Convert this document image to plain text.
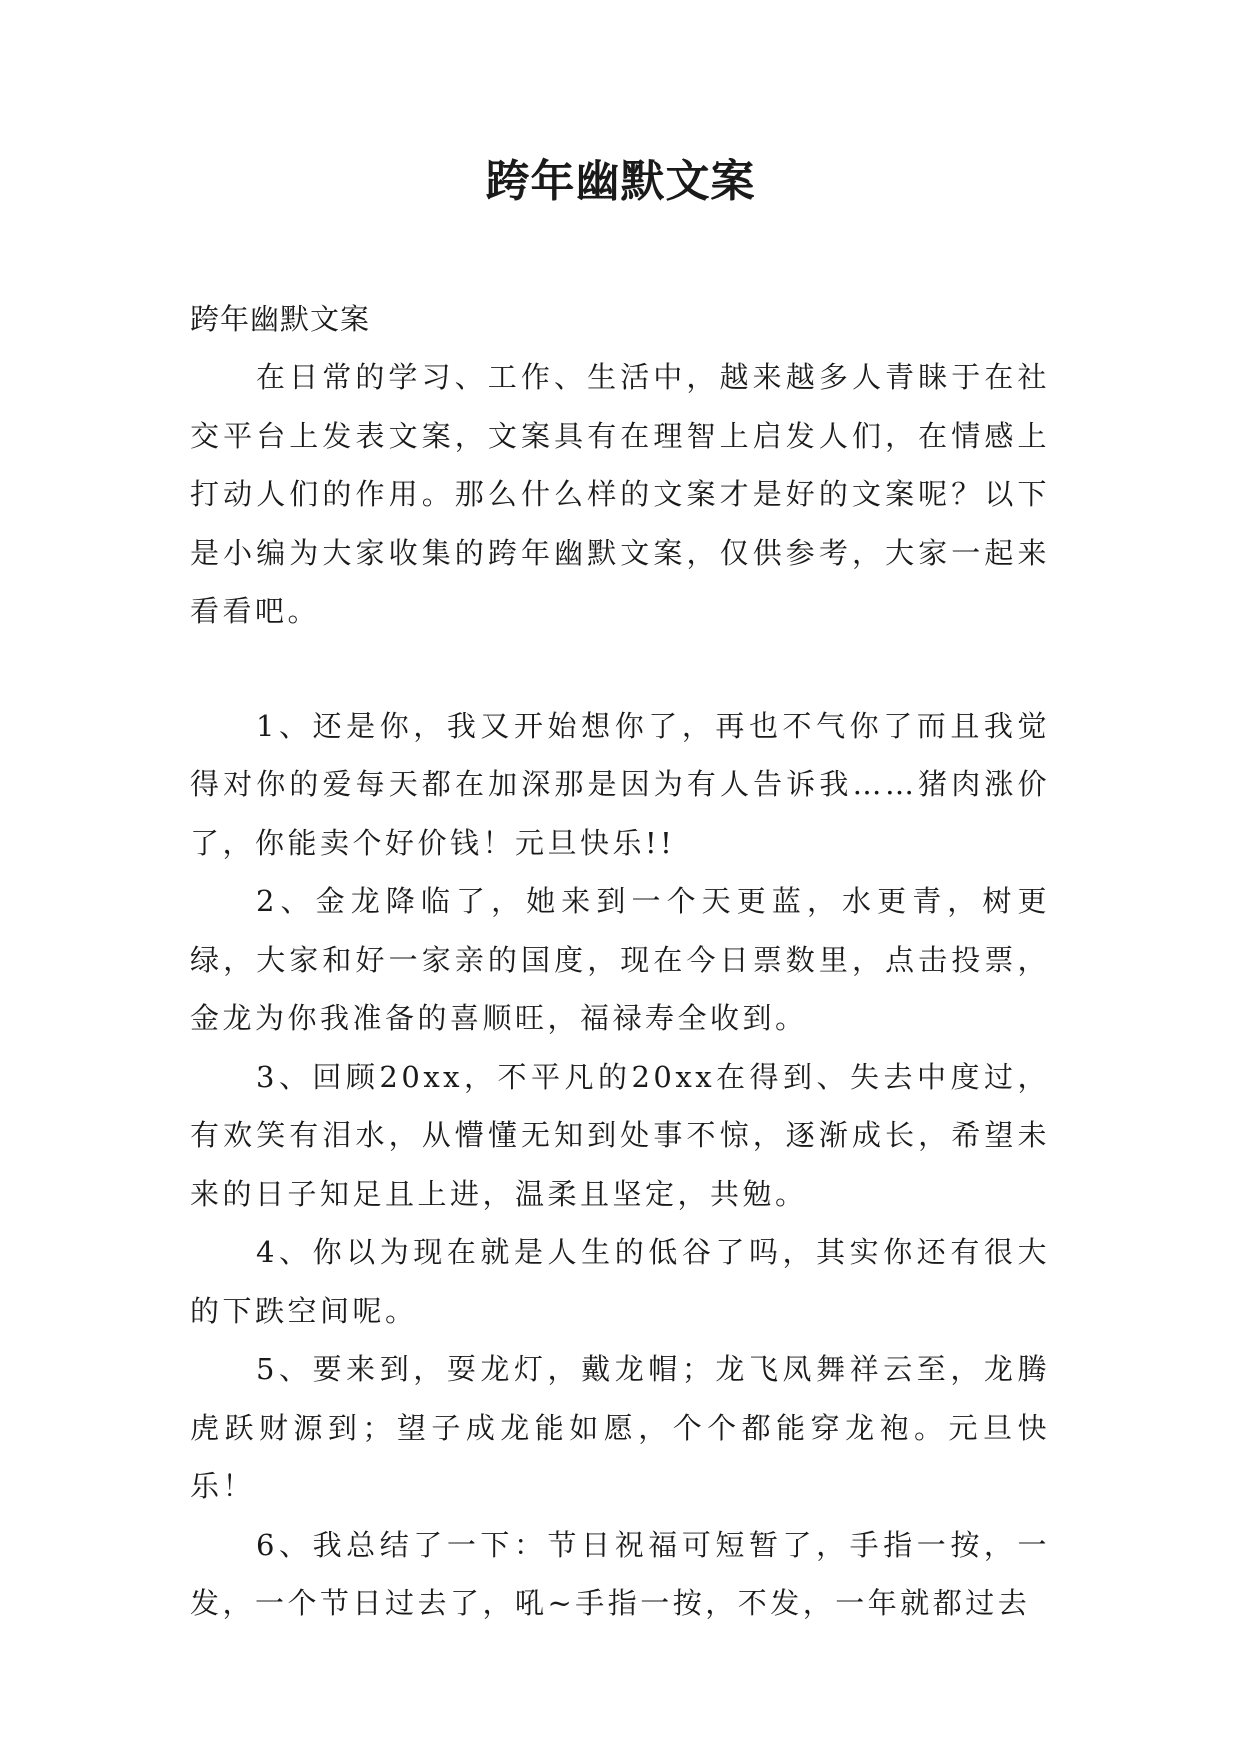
跨年幽默文案

跨年幽默文案

在日常的学习、工作、生活中，越来越多人青睐于在社交平台上发表文案，文案具有在理智上启发人们，在情感上打动人们的作用。那么什么样的文案才是好的文案呢？以下是小编为大家收集的跨年幽默文案，仅供参考，大家一起来看看吧。

1、还是你，我又开始想你了，再也不气你了而且我觉得对你的爱每天都在加深那是因为有人告诉我……猪肉涨价了，你能卖个好价钱！元旦快乐!!

2、金龙降临了，她来到一个天更蓝，水更青，树更绿，大家和好一家亲的国度，现在今日票数里，点击投票，金龙为你我准备的喜顺旺，福禄寿全收到。

3、回顾20xx，不平凡的20xx在得到、失去中度过，有欢笑有泪水，从懵懂无知到处事不惊，逐渐成长，希望未来的日子知足且上进，温柔且坚定，共勉。

4、你以为现在就是人生的低谷了吗，其实你还有很大的下跌空间呢。

5、要来到，耍龙灯，戴龙帽；龙飞凤舞祥云至，龙腾虎跃财源到；望子成龙能如愿，个个都能穿龙袍。元旦快乐！

6、我总结了一下：节日祝福可短暂了，手指一按，一发，一个节日过去了，吼~手指一按，不发，一年就都过去
